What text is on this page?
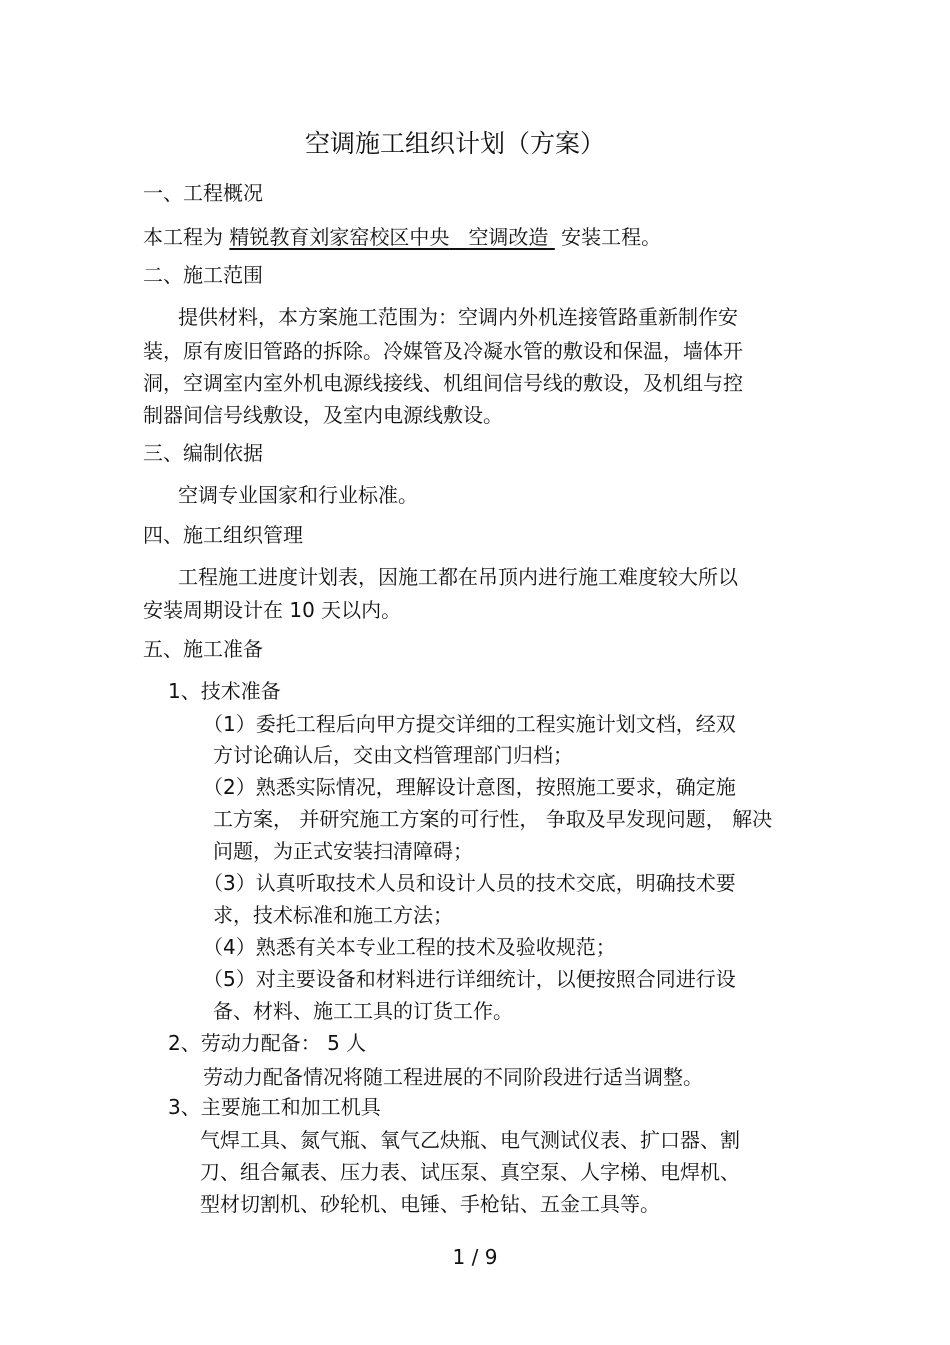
空调施工组织计划（方案）
一、工程概况
本工程为 精锐教育刘家窑校区中央 空调改造 安装工程。
二、施工范围
提供材料，本方案施工范围为：空调内外机连接管路重新制作安
装，原有废旧管路的拆除。冷媒管及冷凝水管的敷设和保温，墙体开
洞，空调室内室外机电源线接线、机组间信号线的敷设，及机组与控
制器间信号线敷设，及室内电源线敷设。
三、编制依据
空调专业国家和行业标准。
四、施工组织管理
工程施工进度计划表，因施工都在吊顶内进行施工难度较大所以
安装周期设计在 10 天以内。
五、施工准备
1、技术准备
（1）委托工程后向甲方提交详细的工程实施计划文档，经双
方讨论确认后，交由文档管理部门归档；
（2）熟悉实际情况，理解设计意图，按照施工要求，确定施
工方案， 并研究施工方案的可行性， 争取及早发现问题， 解决
问题，为正式安装扫清障碍；
（3）认真听取技术人员和设计人员的技术交底，明确技术要
求，技术标准和施工方法；
（4）熟悉有关本专业工程的技术及验收规范；
（5）对主要设备和材料进行详细统计，以便按照合同进行设
备、材料、施工工具的订货工作。
2、劳动力配备： 5 人
劳动力配备情况将随工程进展的不同阶段进行适当调整。
3、主要施工和加工机具
气焊工具、氮气瓶、氧气乙炔瓶、电气测试仪表、扩口器、割
刀、组合氟表、压力表、试压泵、真空泵、人字梯、电焊机、
型材切割机、砂轮机、电锤、手枪钻、五金工具等。
1 / 9
